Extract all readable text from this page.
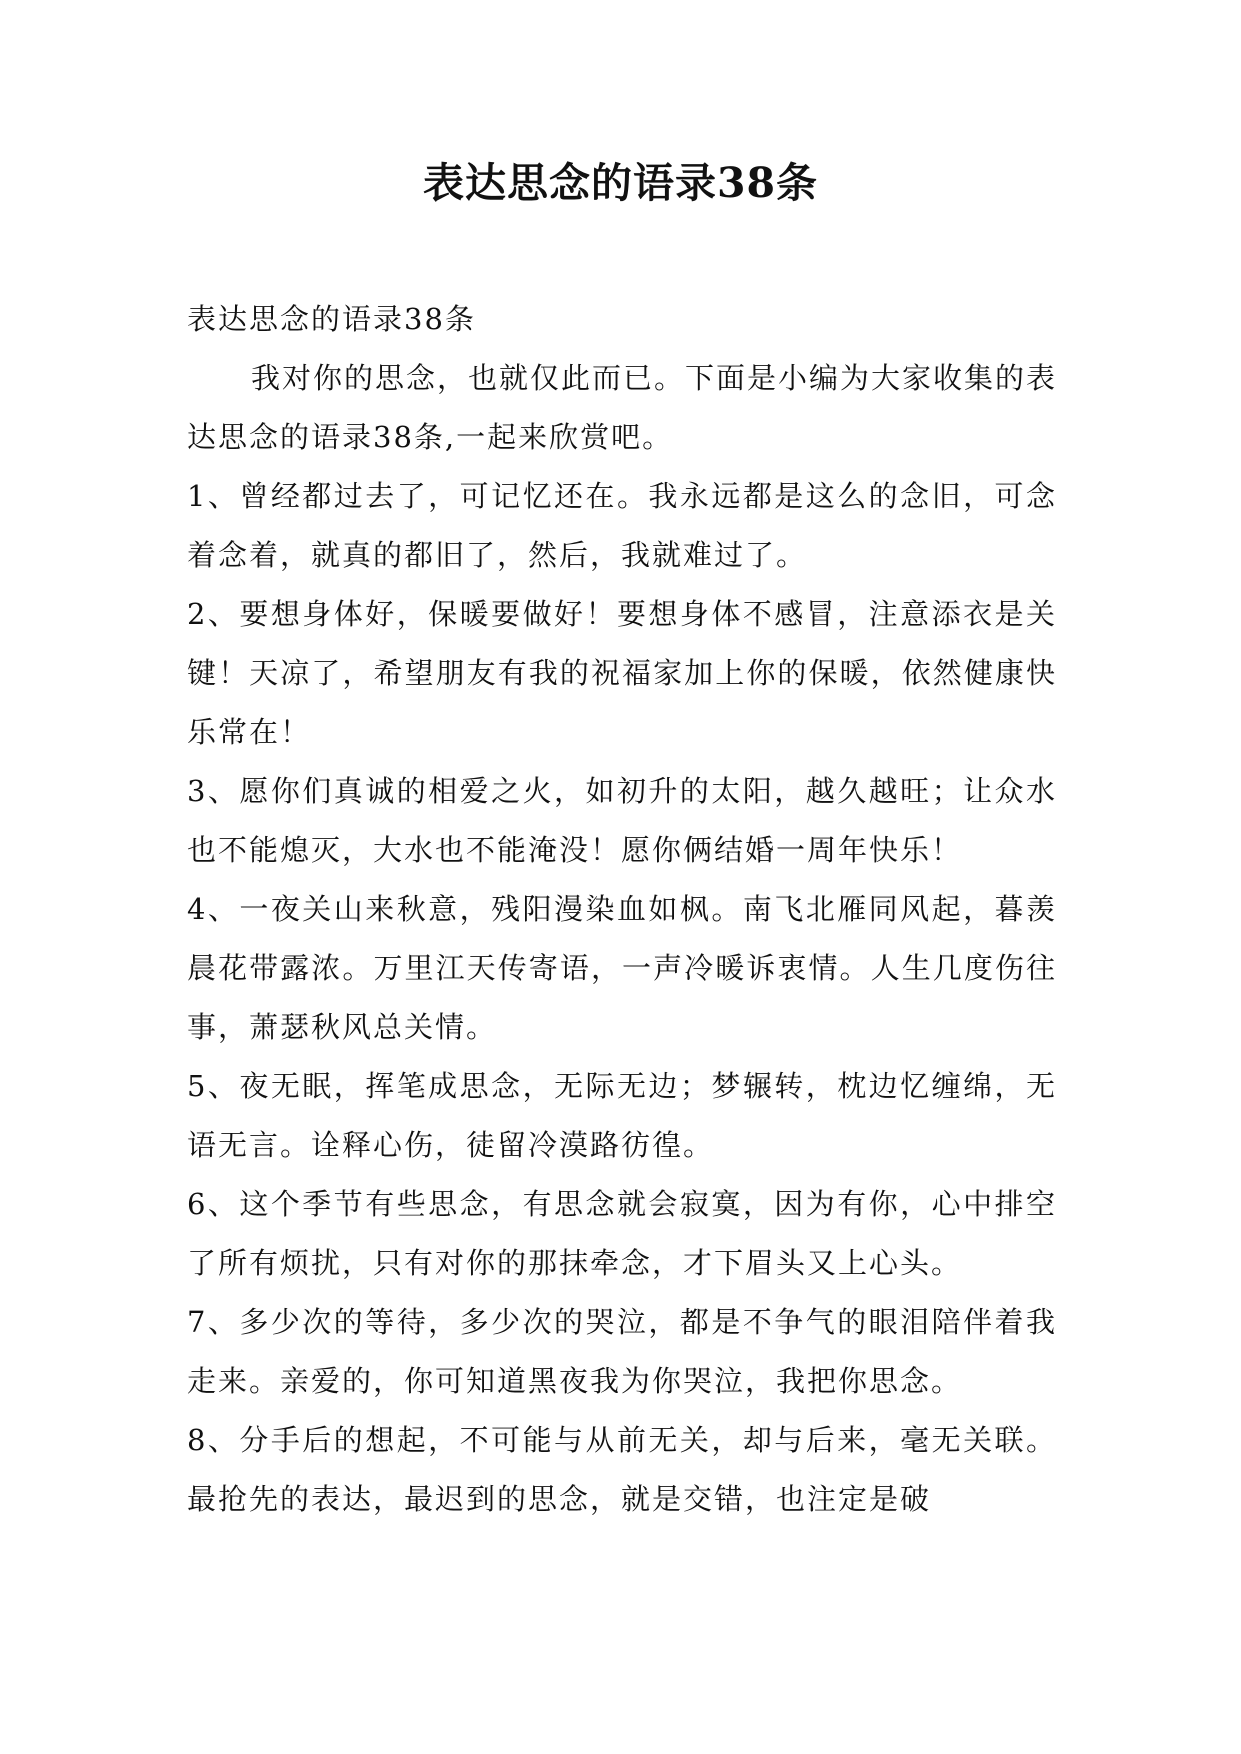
表达思念的语录38条

表达思念的语录38条

我对你的思念，也就仅此而已。下面是小编为大家收集的表达思念的语录38条,一起来欣赏吧。

1、曾经都过去了，可记忆还在。我永远都是这么的念旧，可念着念着，就真的都旧了，然后，我就难过了。

2、要想身体好，保暖要做好！要想身体不感冒，注意添衣是关键！天凉了，希望朋友有我的祝福家加上你的保暖，依然健康快乐常在！

3、愿你们真诚的相爱之火，如初升的太阳，越久越旺；让众水也不能熄灭，大水也不能淹没！愿你俩结婚一周年快乐！

4、一夜关山来秋意，残阳漫染血如枫。南飞北雁同风起，暮羡晨花带露浓。万里江天传寄语，一声冷暖诉衷情。人生几度伤往事，萧瑟秋风总关情。

5、夜无眠，挥笔成思念，无际无边；梦辗转，枕边忆缠绵，无语无言。诠释心伤，徒留冷漠路彷徨。

6、这个季节有些思念，有思念就会寂寞，因为有你，心中排空了所有烦扰，只有对你的那抹牵念，才下眉头又上心头。

7、多少次的等待，多少次的哭泣，都是不争气的眼泪陪伴着我走来。亲爱的，你可知道黑夜我为你哭泣，我把你思念。

8、分手后的想起，不可能与从前无关，却与后来，毫无关联。最抢先的表达，最迟到的思念，就是交错，也注定是破
